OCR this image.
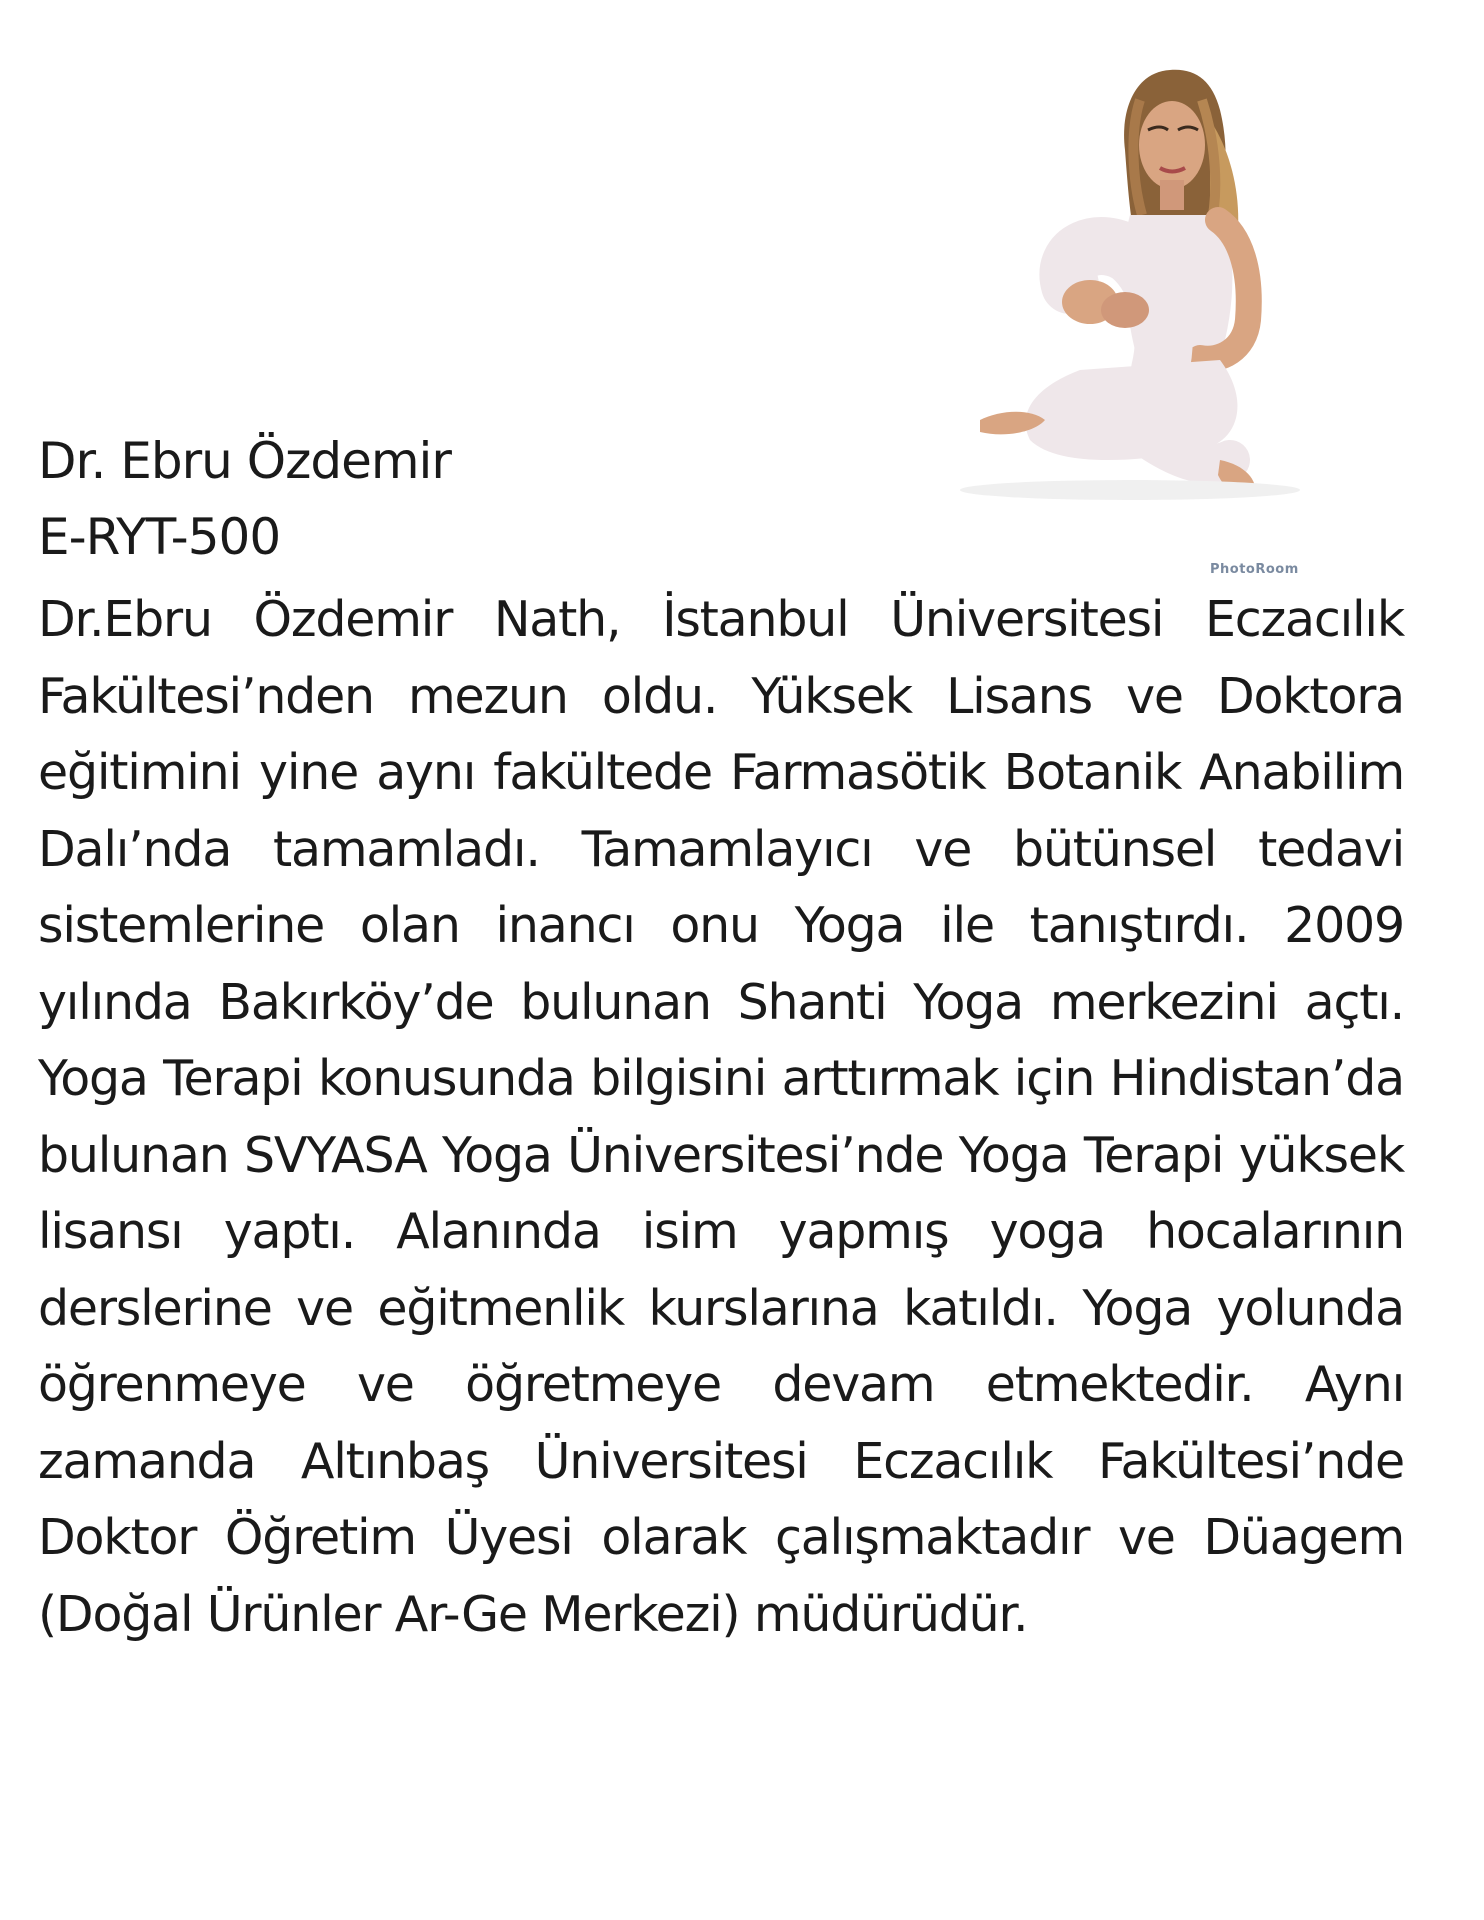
PhotoRoom
Dr. Ebru Özdemir
E-RYT-500

Dr.Ebru Özdemir Nath, İstanbul Üniversitesi Eczacılık Fakültesi’nden mezun oldu. Yüksek Lisans ve Doktora eğitimini yine aynı fakültede Farmasötik Botanik Anabilim Dalı’nda tamamladı. Tamamlayıcı ve bütünsel tedavi sistemlerine olan inancı onu Yoga ile tanıştırdı. 2009 yılında Bakırköy’de bulunan Shanti Yoga merkezini açtı. Yoga Terapi konusunda bilgisini arttırmak için Hindistan’da bulunan SVYASA Yoga Üniversitesi’nde Yoga Terapi yüksek lisansı yaptı. Alanında isim yapmış yoga hocalarının derslerine ve eğitmenlik kurslarına katıldı. Yoga yolunda öğrenmeye ve öğretmeye devam etmektedir. Aynı zamanda Altınbaş Üniversitesi Eczacılık Fakültesi’nde Doktor Öğretim Üyesi olarak çalışmaktadır ve Düagem (Doğal Ürünler Ar-Ge Merkezi) müdürüdür.
